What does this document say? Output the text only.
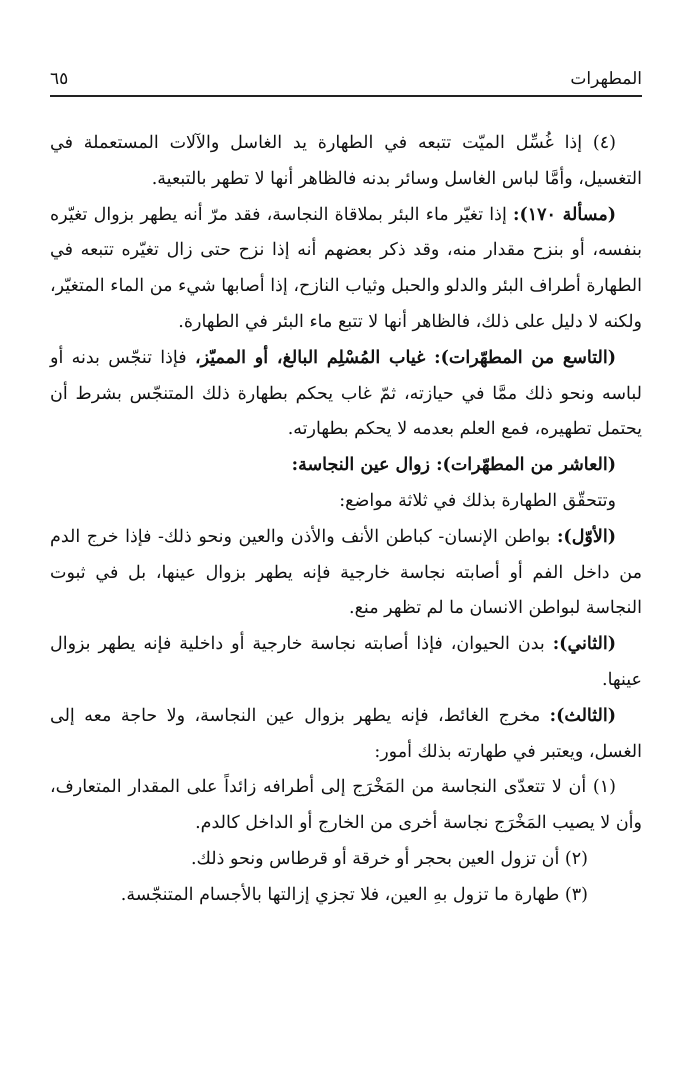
المطهرات
٦٥

(٤) إذا غُسِّل الميّت تتبعه في الطهارة يد الغاسل والآلات المستعملة في التغسيل، وأمَّا لباس الغاسل وسائر بدنه فالظاهر أنها لا تطهر بالتبعية.

(مسألة ١٧٠): إذا تغيّر ماء البئر بملاقاة النجاسة، فقد مرّ أنه يطهر بزوال تغيّره بنفسه، أو بنزح مقدار منه، وقد ذكر بعضهم أنه إذا نزح حتى زال تغيّره تتبعه في الطهارة أطراف البئر والدلو والحبل وثياب النازح، إذا أصابها شيء من الماء المتغيّر، ولكنه لا دليل على ذلك، فالظاهر أنها لا تتبع ماء البئر في الطهارة.

(التاسع من المطهّرات): غياب المُسْلِم البالغ، أو المميّز، فإذا تنجّس بدنه أو لباسه ونحو ذلك ممَّا في حيازته، ثمّ غاب يحكم بطهارة ذلك المتنجّس بشرط أن يحتمل تطهيره، فمع العلم بعدمه لا يحكم بطهارته.

(العاشر من المطهّرات): زوال عين النجاسة:

وتتحقّق الطهارة بذلك في ثلاثة مواضع:

(الأوّل): بواطن الإنسان- كباطن الأنف والأذن والعين ونحو ذلك- فإذا خرج الدم من داخل الفم أو أصابته نجاسة خارجية فإنه يطهر بزوال عينها، بل في ثبوت النجاسة لبواطن الانسان ما لم تظهر منع.

(الثاني): بدن الحيوان، فإذا أصابته نجاسة خارجية أو داخلية فإنه يطهر بزوال عينها.

(الثالث): مخرج الغائط، فإنه يطهر بزوال عين النجاسة، ولا حاجة معه إلى الغسل، ويعتبر في طهارته بذلك أمور:

(١) أن لا تتعدّى النجاسة من المَخْرَج إلى أطرافه زائداً على المقدار المتعارف، وأن لا يصيب المَخْرَج نجاسة أخرى من الخارج أو الداخل كالدم.

(٢) أن تزول العين بحجر أو خرقة أو قرطاس ونحو ذلك.

(٣) طهارة ما تزول بهِ العين، فلا تجزي إزالتها بالأجسام المتنجّسة.
